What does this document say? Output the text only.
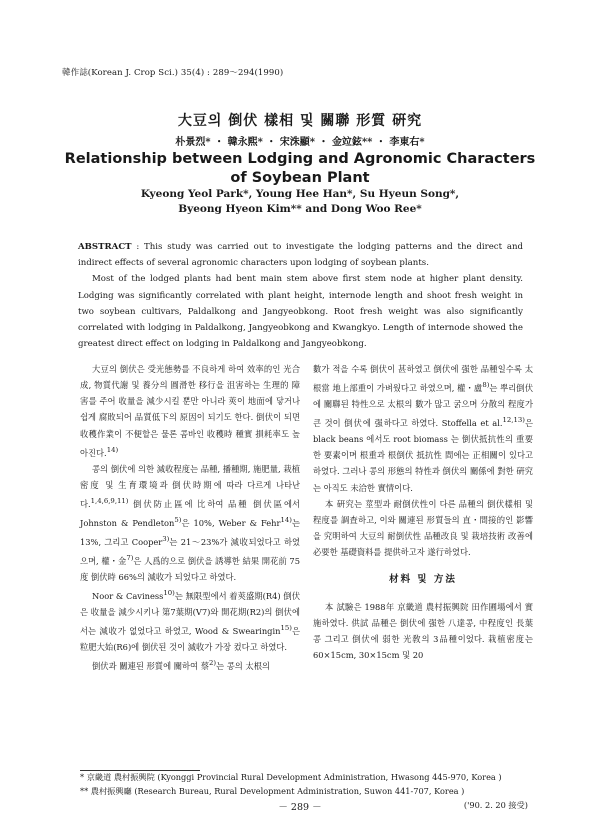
韓作誌(Korean J. Crop Sci.) 35(4) : 289～294(1990)
大豆의 倒伏 樣相 및 關聯 形質 硏究
朴景烈* ・ 韓永熙* ・ 宋洙顯* ・ 金竝鉉** ・ 李東右*
Relationship between Lodging and Agronomic Characters
of Soybean Plant
Kyeong Yeol Park*, Young Hee Han*, Su Hyeun Song*,
Byeong Hyeon Kim** and Dong Woo Ree*

ABSTRACT : This study was carried out to investigate the lodging patterns and the direct and indirect effects of several agronomic characters upon lodging of soybean plants.

Most of the lodged plants had bent main stem above first stem node at higher plant density. Lodging was significantly correlated with plant height, internode length and shoot fresh weight in two soybean cultivars, Paldalkong and Jangyeobkong. Root fresh weight was also significantly correlated with lodging in Paldalkong, Jangyeobkong and Kwangkyo. Length of internode showed the greatest direct effect on lodging in Paldalkong and Jangyeobkong.

大豆의 倒伏은 受光態勢를 不良하게 하여 效率的인 光合成, 物質代謝 및 養分의 圓滑한 移行을 沮害하는 生理的 障害를 주어 收量을 減少시킬 뿐만 아니라 莢이 地面에 닿거나 쉽게 腐敗되어 品質低下의 原因이 되기도 한다. 倒伏이 되면 收穫作業이 不便할은 물론 콤바인 收穫時 種實 損耗率도 높아진다.$^{14)}$

콩의 倒伏에 의한 減收程度는 品種, 播種期, 施肥量, 栽植密度 및 生育環境과 倒伏時期에 따라 다르게 나타난다.$^{1,4,6,9,11)}$ 倒伏防止區에 比하여 品種 倒伏區에서 Johnston & Pendleton$^{5)}$은 10%, Weber & Fehr$^{14)}$는 13%, 그리고 Cooper$^{3)}$는 21～23%가 減收되었다고 하였으며, 權・金$^{7)}$은 人爲的으로 倒伏을 誘導한 結果 開花前 75度 倒伏時 66%의 減收가 되었다고 하였다.

Noor & Caviness$^{10)}$는 無限型에서 着莢盛期(R4) 倒伏은 收量을 減少시키나 第7葉期(V7)와 開花期(R2)의 倒伏에서는 減收가 없었다고 하였고, Wood & Swearingin$^{15)}$은 粒肥大始(R6)에 倒伏된 것이 減收가 가장 컸다고 하였다.

倒伏과 關連된 形質에 關하여 蔡$^{2)}$는 콩의 太根의

數가 적을 수록 倒伏이 甚하였고 倒伏에 强한 品種일수록 太根當 地上部重이 가벼웠다고 하였으며, 權・盧$^{8)}$는 뿌리倒伏에 關聯된 特性으로 太根의 數가 많고 굵으며 分散의 程度가 큰 것이 倒伏에 强하다고 하였다. Stoffella et al.$^{12,13)}$은 black beans 에서도 root biomass 는 倒伏抵抗性의 重要한 要素이며 根重과 根倒伏 抵抗性 間에는 正相關이 있다고 하였다. 그러나 콩의 形態의 特性과 倒伏의 關係에 對한 硏究는 아직도 未洽한 實情이다.

本 硏究는 莖型과 耐倒伏性이 다른 品種의 倒伏樣相 및 程度를 調査하고, 이와 關連된 形質들의 直・間接的인 影響을 究明하여 大豆의 耐倒伏性 品種改良 및 栽培技術 改善에 必要한 基礎資料를 提供하고자 遂行하였다.

材料 및 方法

本 試驗은 1988年 京畿道 農村振興院 田作圃場에서 實施하였다. 供試 品種은 倒伏에 强한 八達콩, 中程度인 長葉콩 그리고 倒伏에 弱한 光敎의 3品種이었다. 栽植密度는 60×15cm, 30×15cm 및 20

* 京畿道 農村振興院 (Kyonggi Provincial Rural Development Administration, Hwasong 445-970, Korea )
** 農村振興廳 (Research Bureau, Rural Development Administration, Suwon 441-707, Korea )
('90. 2. 20 接受)
－ 289 －
